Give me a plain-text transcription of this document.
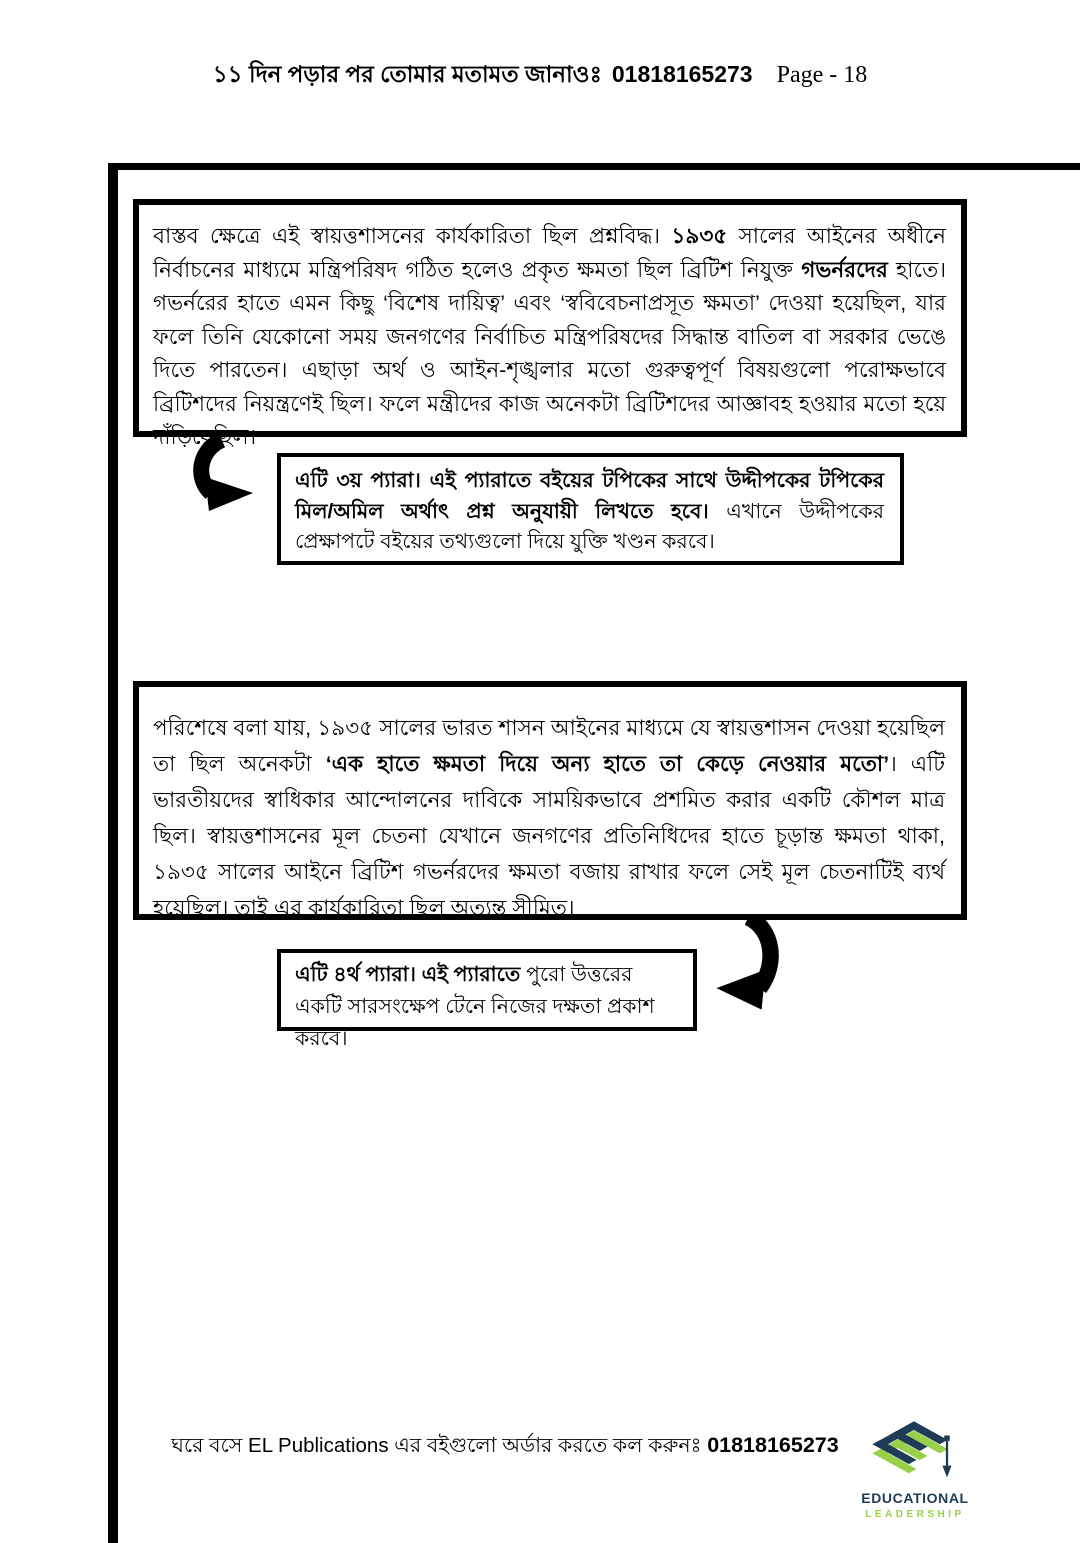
১১ দিন পড়ার পর তোমার মতামত জানাওঃ 01818165273 Page - 18
বাস্তব ক্ষেত্রে এই স্বায়ত্তশাসনের কার্যকারিতা ছিল প্রশ্নবিদ্ধ। ১৯৩৫ সালের আইনের অধীনে নির্বাচনের মাধ্যমে মন্ত্রিপরিষদ গঠিত হলেও প্রকৃত ক্ষমতা ছিল ব্রিটিশ নিযুক্ত গভর্নরদের হাতে। গভর্নরের হাতে এমন কিছু ‘বিশেষ দায়িত্ব’ এবং ‘স্ববিবেচনাপ্রসূত ক্ষমতা’ দেওয়া হয়েছিল, যার ফলে তিনি যেকোনো সময় জনগণের নির্বাচিত মন্ত্রিপরিষদের সিদ্ধান্ত বাতিল বা সরকার ভেঙে দিতে পারতেন। এছাড়া অর্থ ও আইন-শৃঙ্খলার মতো গুরুত্বপূর্ণ বিষয়গুলো পরোক্ষভাবে ব্রিটিশদের নিয়ন্ত্রণেই ছিল। ফলে মন্ত্রীদের কাজ অনেকটা ব্রিটিশদের আজ্ঞাবহ হওয়ার মতো হয়ে দাঁড়িয়েছিল।
এটি ৩য় প্যারা। এই প্যারাতে বইয়ের টপিকের সাথে উদ্দীপকের টপিকের মিল/অমিল অর্থাৎ প্রশ্ন অনুযায়ী লিখতে হবে। এখানে উদ্দীপকের প্রেক্ষাপটে বইয়ের তথ্যগুলো দিয়ে যুক্তি খণ্ডন করবে।
পরিশেষে বলা যায়, ১৯৩৫ সালের ভারত শাসন আইনের মাধ্যমে যে স্বায়ত্তশাসন দেওয়া হয়েছিল তা ছিল অনেকটা ‘এক হাতে ক্ষমতা দিয়ে অন্য হাতে তা কেড়ে নেওয়ার মতো’। এটি ভারতীয়দের স্বাধিকার আন্দোলনের দাবিকে সাময়িকভাবে প্রশমিত করার একটি কৌশল মাত্র ছিল। স্বায়ত্তশাসনের মূল চেতনা যেখানে জনগণের প্রতিনিধিদের হাতে চূড়ান্ত ক্ষমতা থাকা, ১৯৩৫ সালের আইনে ব্রিটিশ গভর্নরদের ক্ষমতা বজায় রাখার ফলে সেই মূল চেতনাটিই ব্যর্থ হয়েছিল। তাই এর কার্যকারিতা ছিল অত্যন্ত সীমিত।
এটি ৪র্থ প্যারা। এই প্যারাতে পুরো উত্তরের একটি সারসংক্ষেপ টেনে নিজের দক্ষতা প্রকাশ করবে।
ঘরে বসে EL Publications এর বইগুলো অর্ডার করতে কল করুনঃ 01818165273
EDUCATIONAL
LEADERSHIP
